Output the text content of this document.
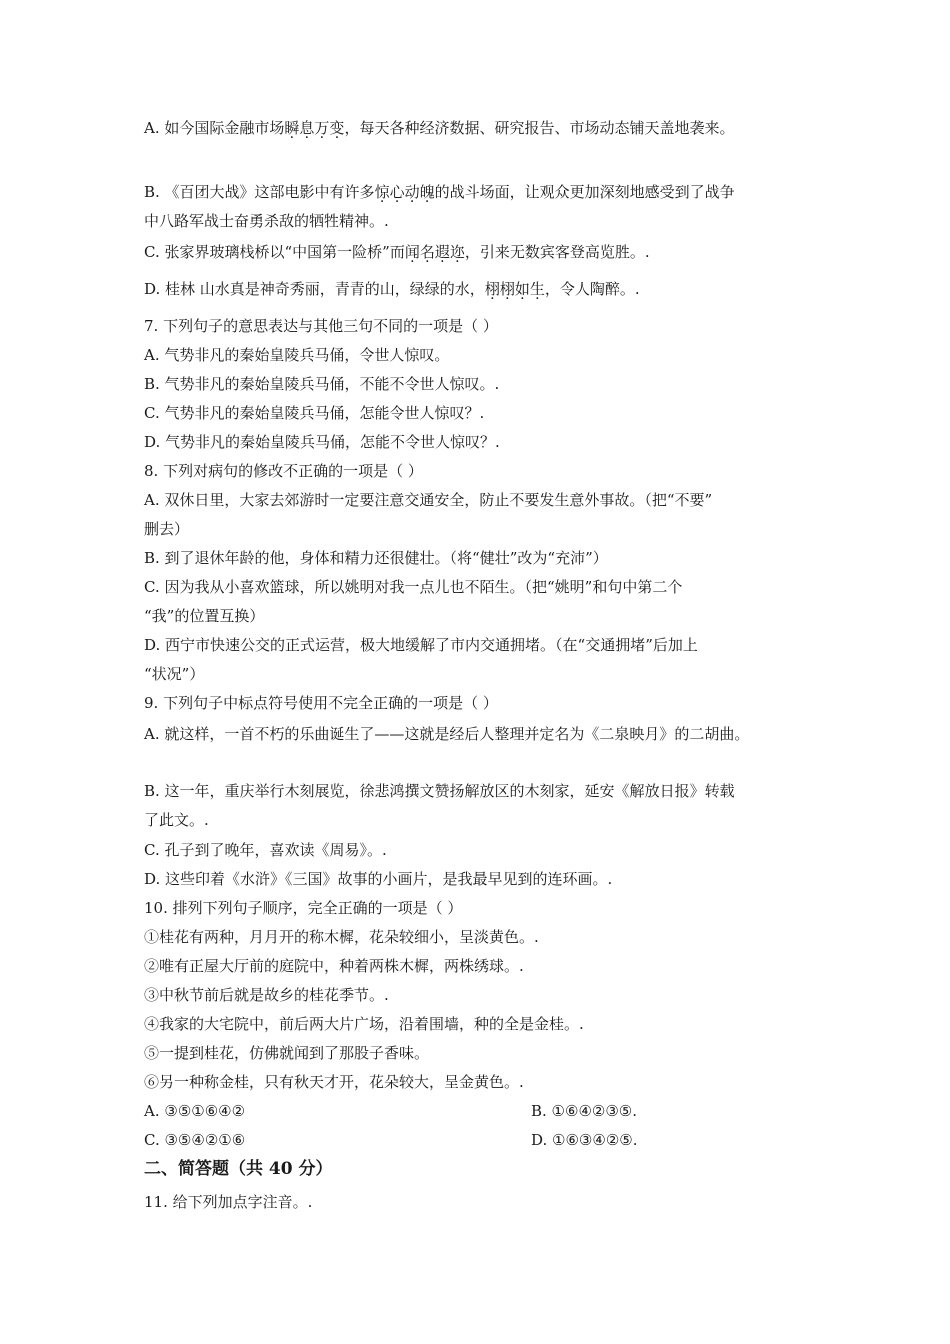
A. 如今国际金融市场瞬息万变，每天各种经济数据、研究报告、市场动态铺天盖地袭来。
B. 《百团大战》这部电影中有许多惊心动魄的战斗场面，让观众更加深刻地感受到了战争
中八路军战士奋勇杀敌的牺牲精神。.
C. 张家界玻璃栈桥以“中国第一险桥”而闻名遐迩，引来无数宾客登高览胜。.
D. 桂林 山水真是神奇秀丽，青青的山，绿绿的水，栩栩如生，令人陶醉。.
7. 下列句子的意思表达与其他三句不同的一项是（ ）
A. 气势非凡的秦始皇陵兵马俑，令世人惊叹。
B. 气势非凡的秦始皇陵兵马俑，不能不令世人惊叹。.
C. 气势非凡的秦始皇陵兵马俑，怎能令世人惊叹？.
D. 气势非凡的秦始皇陵兵马俑，怎能不令世人惊叹？.
8. 下列对病句的修改不正确的一项是（ ）
A. 双休日里，大家去郊游时一定要注意交通安全，防止不要发生意外事故。（把“不要”
删去）
B. 到了退休年龄的他，身体和精力还很健壮。（将“健壮”改为“充沛”）
C. 因为我从小喜欢篮球，所以姚明对我一点儿也不陌生。（把“姚明”和句中第二个
“我”的位置互换）
D. 西宁市快速公交的正式运营，极大地缓解了市内交通拥堵。（在“交通拥堵”后加上
“状况”）
9. 下列句子中标点符号使用不完全正确的一项是（ ）
A. 就这样，一首不朽的乐曲诞生了——这就是经后人整理并定名为《二泉映月》的二胡曲。
B. 这一年，重庆举行木刻展览，徐悲鸿撰文赞扬解放区的木刻家，延安《解放日报》转载
了此文。.
C. 孔子到了晚年，喜欢读《周易》。.
D. 这些印着《水浒》《三国》故事的小画片，是我最早见到的连环画。.
10. 排列下列句子顺序，完全正确的一项是（ ）
①桂花有两种，月月开的称木樨，花朵较细小，呈淡黄色。.
②唯有正屋大厅前的庭院中，种着两株木樨，两株绣球。.
③中秋节前后就是故乡的桂花季节。.
④我家的大宅院中，前后两大片广场，沿着围墙，种的全是金桂。.
⑤一提到桂花，仿佛就闻到了那股子香味。
⑥另一种称金桂，只有秋天才开，花朵较大，呈金黄色。.
A. ③⑤①⑥④②	B. ①⑥④②③⑤.
C. ③⑤④②①⑥	D. ①⑥③④②⑤.
二、简答题（共 40 分）
11. 给下列加点字注音。.
